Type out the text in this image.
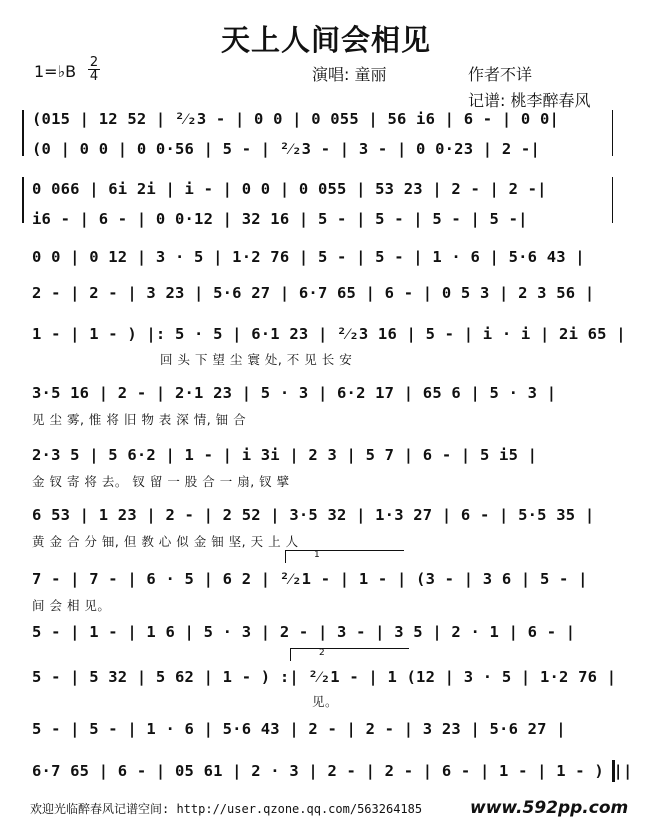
天上人间会相见
1=♭B 2
4	演唱: 童丽	作者不详
记谱: 桃李醉春风
(015 | 12 52 | ²⁄₂3 - | 0 0 | 0 055 | 56 i6 | 6 - | 0 0|
(0 | 0 0 | 0 0·56 | 5 - | ²⁄₂3 - | 3 - | 0 0·23 | 2 -|
0 066 | 6i 2i | i - | 0 0 | 0 055 | 53 23 | 2 - | 2 -|
i6 - | 6 - | 0 0·12 | 32 16 | 5 - | 5 - | 5 - | 5 -|
0 0 | 0 12 | 3 · 5 | 1·2 76 | 5 - | 5 - | 1 · 6 | 5·6 43 |
2 - | 2 - | 3 23 | 5·6 27 | 6·7 65 | 6 - | 0 5 3 | 2 3 56 |
1 - | 1 - ) |: 5 · 5 | 6·1 23 | ²⁄₂3 16 | 5 - | i · i | 2i 65 |
回 头 下 望 尘 寰 处, 不 见 长 安
3·5 16 | 2 - | 2·1 23 | 5 · 3 | 6·2 17 | 65 6 | 5 · 3 |
见 尘 雾, 惟 将 旧 物 表 深 情, 钿 合
2·3 5 | 5 6·2 | 1 - | i 3i | 2 3 | 5 7 | 6 - | 5 i5 |
金 钗 寄 将 去。 钗 留 一 股 合 一 扇, 钗 擘
6 53 | 1 23 | 2 - | 2 52 | 3·5 32 | 1·3 27 | 6 - | 5·5 35 |
黄 金 合 分 钿, 但 教 心 似 金 钿 坚, 天 上 人
1
7 - | 7 - | 6 · 5 | 6 2 | ²⁄₂1 - | 1 - | (3 - | 3 6 | 5 - |
间 会 相 见。
5 - | 1 - | 1 6 | 5 · 3 | 2 - | 3 - | 3 5 | 2 · 1 | 6 - |
2
5 - | 5 32 | 5 62 | 1 - ) :| ²⁄₂1 - | 1 (12 | 3 · 5 | 1·2 76 |
见。
5 - | 5 - | 1 · 6 | 5·6 43 | 2 - | 2 - | 3 23 | 5·6 27 |
6·7 65 | 6 - | 05 61 | 2 · 3 | 2 - | 2 - | 6 - | 1 - | 1 - ) ||
欢迎光临醉春风记谱空间: http://user.qzone.qq.com/563264185	www.592pp.com
